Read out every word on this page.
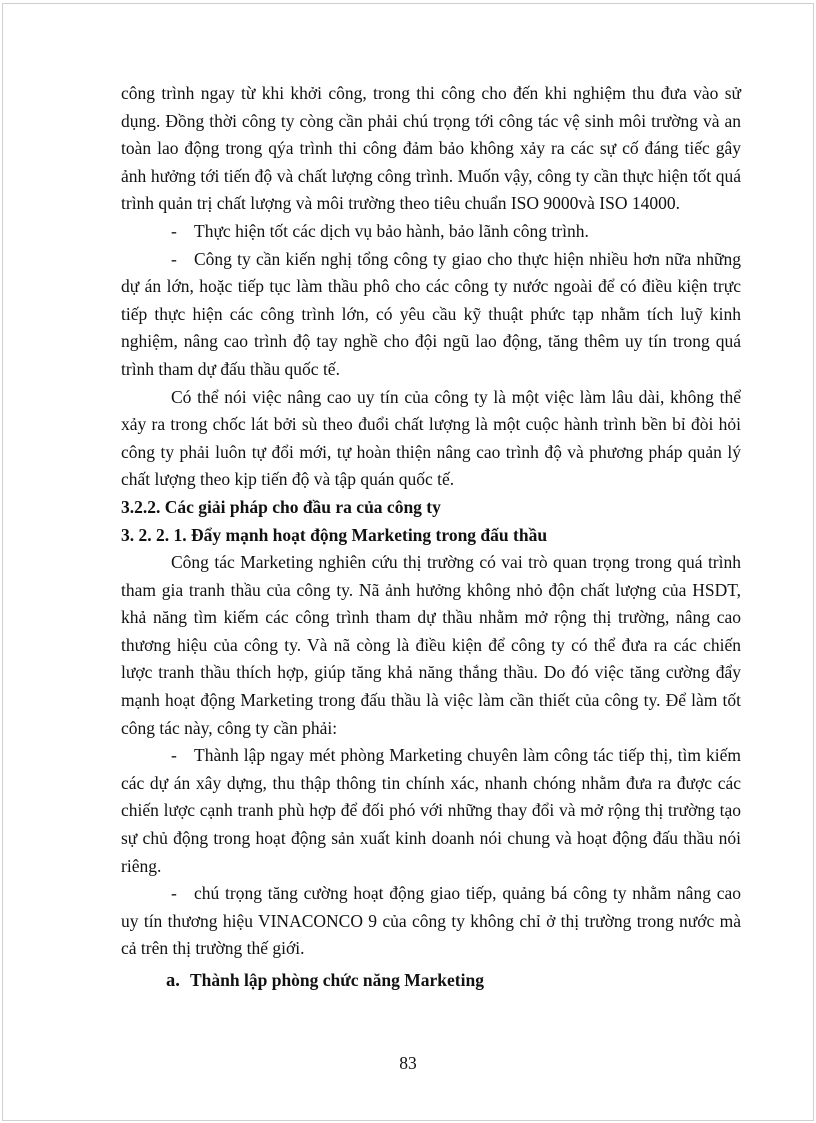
công trình ngay từ khi khởi công, trong thi công cho đến khi nghiệm thu đưa vào sử dụng. Đồng thời công ty còng cần phải chú trọng tới công tác vệ sinh môi trường và an toàn lao động trong qýa trình thi công đảm bảo không xảy ra các sự cố đáng tiếc gây ảnh hưởng tới tiến độ và chất lượng công trình. Muốn vậy, công ty cần thực hiện tốt quá trình quản trị chất lượng và môi trường theo tiêu chuẩn ISO 9000và ISO 14000.

- Thực hiện tốt các dịch vụ bảo hành, bảo lãnh công trình.

- Công ty cần kiến nghị tổng công ty giao cho thực hiện nhiều hơn nữa những dự án lớn, hoặc tiếp tục làm thầu phô cho các công ty nước ngoài để có điều kiện trực tiếp thực hiện các công trình lớn, có yêu cầu kỹ thuật phức tạp nhằm tích luỹ kinh nghiệm, nâng cao trình độ tay nghề cho đội ngũ lao động, tăng thêm uy tín trong quá trình tham dự đấu thầu quốc tế.

Có thể nói việc nâng cao uy tín của công ty là một việc làm lâu dài, không thể xảy ra trong chốc lát bởi sù theo đuổi chất lượng là một cuộc hành trình bền bỉ đòi hỏi công ty phải luôn tự đổi mới, tự hoàn thiện nâng cao trình độ và phương pháp quản lý chất lượng theo kịp tiến độ và tập quán quốc tế.

3.2.2. Các giải pháp cho đầu ra của công ty

3. 2. 2. 1. Đẩy mạnh hoạt động Marketing trong đấu thầu

Công tác Marketing nghiên cứu thị trường có vai trò quan trọng trong quá trình tham gia tranh thầu của công ty. Nã ảnh hưởng không nhỏ độn chất lượng của HSDT, khả năng tìm kiếm các công trình tham dự thầu nhằm mở rộng thị trường, nâng cao thương hiệu của công ty. Và nã còng là điều kiện để công ty có thể đưa ra các chiến lược tranh thầu thích hợp, giúp tăng khả năng thắng thầu. Do đó việc tăng cường đẩy mạnh hoạt động Marketing trong đấu thầu là việc làm cần thiết của công ty. Để làm tốt công tác này, công ty cần phải:

- Thành lập ngay mét phòng Marketing chuyên làm công tác tiếp thị, tìm kiếm các dự án xây dựng, thu thập thông tin chính xác, nhanh chóng nhằm đưa ra được các chiến lược cạnh tranh phù hợp để đối phó với những thay đổi và mở rộng thị trường tạo sự chủ động trong hoạt động sản xuất kinh doanh nói chung và hoạt động đấu thầu nói riêng.

- chú trọng tăng cường hoạt động giao tiếp, quảng bá công ty nhằm nâng cao uy tín thương hiệu VINACONCO 9 của công ty không chỉ ở thị trường trong nước mà cả trên thị trường thế giới.

a. Thành lập phòng chức năng Marketing

83
